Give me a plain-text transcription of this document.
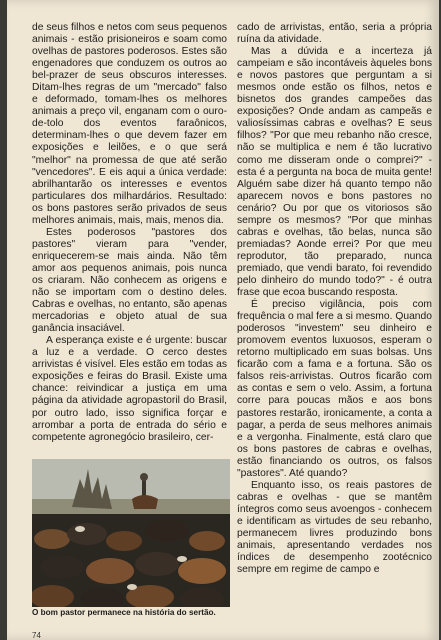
de seus filhos e netos com seus pequenos animais - estão prisioneiros e soam como ovelhas de pastores poderosos. Estes são engenadores que conduzem os outros ao bel-prazer de seus obscuros interesses. Ditam-lhes regras de um "mercado" falso e deformado, tomam-lhes os melhores animais a preço vil, enganam com o ouro-de-tolo dos eventos faraônicos, determinam-lhes o que devem fazer em exposições e leilões, e o que será "melhor" na promessa de que até serão "vencedores". E eis aqui a única verdade: abrilhantarão os interesses e eventos particulares dos milhardários. Resultado: os bons pastores serão privados de seus melhores animais, mais, mais, menos dia.

Estes poderosos "pastores dos pastores" vieram para "vender, enriquecerem-se mais ainda. Não têm amor aos pequenos animais, pois nunca os criaram. Não conhecem as origens e não se importam com o destino deles. Cabras e ovelhas, no entanto, são apenas mercadorias e objeto atual de sua ganância insaciável.

A esperança existe e é urgente: buscar a luz e a verdade. O cerco destes arrivistas é visível. Eles estão em todas as exposições e feiras do Brasil. Existe uma chance: reivindicar a justiça em uma página da atividade agropastoril do Brasil, por outro lado, isso significa forçar e arrombar a porta de entrada do sério e competente agronegócio brasileiro, cer-

cado de arrivistas, então, seria a própria ruína da atividade.

Mas a dúvida e a incerteza já campeiam e são incontáveis àqueles bons e novos pastores que perguntam a si mesmos onde estão os filhos, netos e bisnetos dos grandes campeões das exposições? Onde andam as campeãs e valiosíssimas cabras e ovelhas? E seus filhos? "Por que meu rebanho não cresce, não se multiplica e nem é tão lucrativo como me disseram onde o comprei?" - esta é a pergunta na boca de muita gente! Alguém sabe dizer há quanto tempo não aparecem novos e bons pastores no cenário? Ou por que os vitoriosos são sempre os mesmos? "Por que minhas cabras e ovelhas, tão belas, nunca são premiadas? Aonde errei? Por que meu reprodutor, tão preparado, nunca premiado, que vendi barato, foi revendido pelo dinheiro do mundo todo?" - é outra frase que ecoa buscando resposta.

É preciso vigilância, pois com frequência o mal fere a si mesmo. Quando poderosos "investem" seu dinheiro e promovem eventos luxuosos, esperam o retorno multiplicado em suas bolsas. Uns ficarão com a fama e a fortuna. São os falsos reis-arrivistas. Outros ficarão com as contas e sem o velo. Assim, a fortuna corre para poucas mãos e aos bons pastores restarão, ironicamente, a conta a pagar, a perda de seus melhores animais e a vergonha. Finalmente, está claro que os bons pastores de cabras e ovelhas, estão financiando os outros, os falsos "pastores". Até quando?

Enquanto isso, os reais pastores de cabras e ovelhas - que se mantêm íntegros como seus avoengos - conhecem e identificam as virtudes de seu rebanho, permanecem livres produzindo bons animais, apresentando verdades nos índices de desempenho zootécnico sempre em regime de campo e

O bom pastor permanece na história do sertão.
74
